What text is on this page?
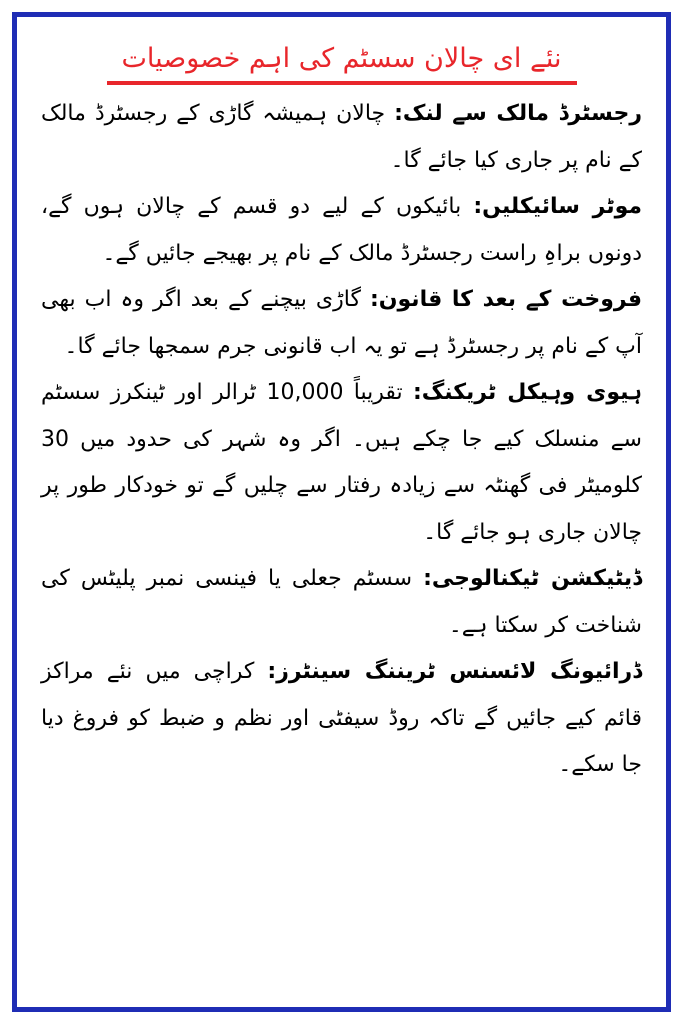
نئے ای چالان سسٹم کی اہم خصوصیات

رجسٹرڈ مالک سے لنک: چالان ہمیشہ گاڑی کے رجسٹرڈ مالک کے نام پر جاری کیا جائے گا۔

موٹر سائیکلیں: بائیکوں کے لیے دو قسم کے چالان ہوں گے، دونوں براہِ راست رجسٹرڈ مالک کے نام پر بھیجے جائیں گے۔

فروخت کے بعد کا قانون: گاڑی بیچنے کے بعد اگر وہ اب بھی آپ کے نام پر رجسٹرڈ ہے تو یہ اب قانونی جرم سمجھا جائے گا۔

ہیوی وہیکل ٹریکنگ: تقریباً 10,000 ٹرالر اور ٹینکرز سسٹم سے منسلک کیے جا چکے ہیں۔ اگر وہ شہر کی حدود میں 30 کلومیٹر فی گھنٹہ سے زیادہ رفتار سے چلیں گے تو خودکار طور پر چالان جاری ہو جائے گا۔

ڈیٹیکشن ٹیکنالوجی: سسٹم جعلی یا فینسی نمبر پلیٹس کی شناخت کر سکتا ہے۔

ڈرائیونگ لائسنس ٹریننگ سینٹرز: کراچی میں نئے مراکز قائم کیے جائیں گے تاکہ روڈ سیفٹی اور نظم و ضبط کو فروغ دیا جا سکے۔
